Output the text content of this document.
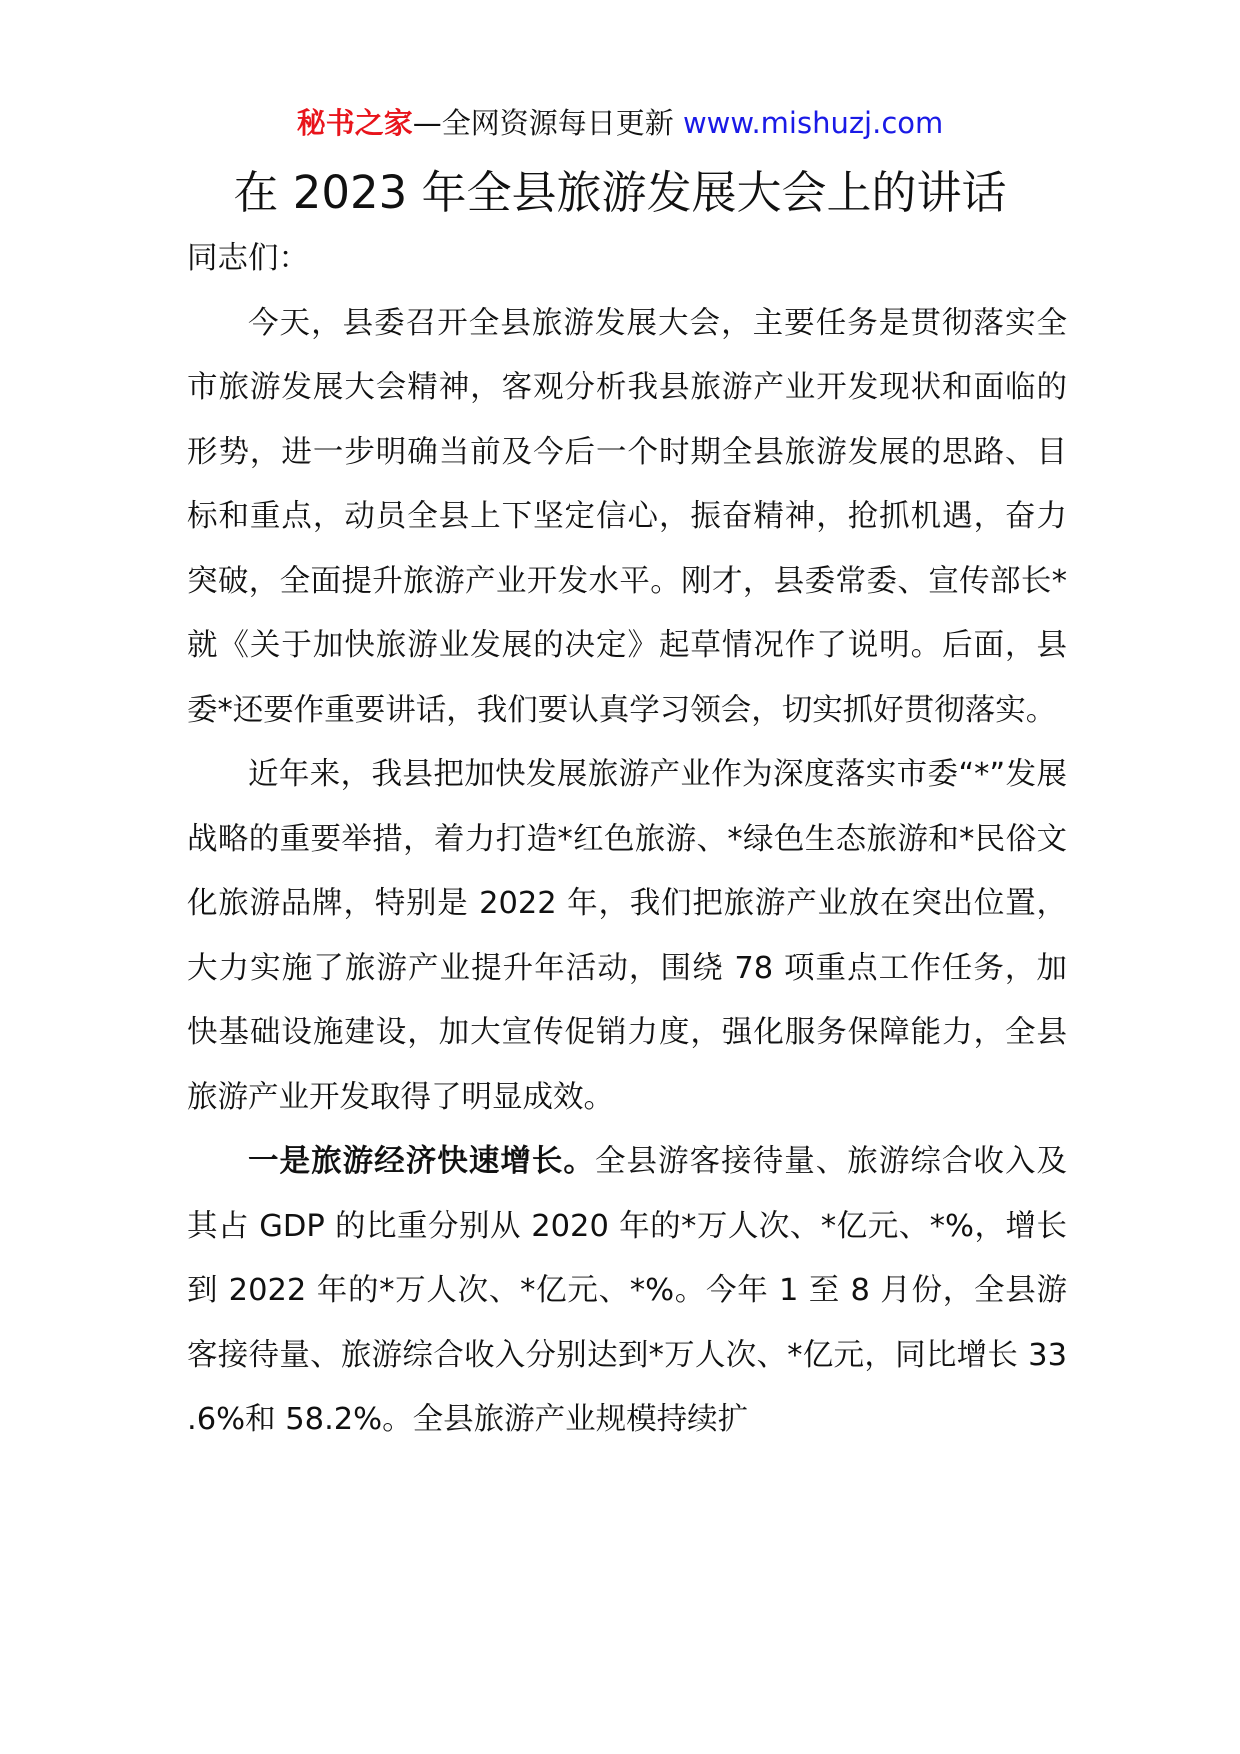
秘书之家—全网资源每日更新 www.mishuzj.com
在 2023 年全县旅游发展大会上的讲话

同志们：

今天，县委召开全县旅游发展大会，主要任务是贯彻落实全市旅游发展大会精神，客观分析我县旅游产业开发现状和面临的形势，进一步明确当前及今后一个时期全县旅游发展的思路、目标和重点，动员全县上下坚定信心，振奋精神，抢抓机遇，奋力突破，全面提升旅游产业开发水平。刚才，县委常委、宣传部长*就《关于加快旅游业发展的决定》起草情况作了说明。后面，县委*还要作重要讲话，我们要认真学习领会，切实抓好贯彻落实。

近年来，我县把加快发展旅游产业作为深度落实市委“*”发展战略的重要举措，着力打造*红色旅游、*绿色生态旅游和*民俗文化旅游品牌，特别是 2022 年，我们把旅游产业放在突出位置，大力实施了旅游产业提升年活动，围绕 78 项重点工作任务，加快基础设施建设，加大宣传促销力度，强化服务保障能力，全县旅游产业开发取得了明显成效。

一是旅游经济快速增长。全县游客接待量、旅游综合收入及其占 GDP 的比重分别从 2020 年的*万人次、*亿元、*%，增长到 2022 年的*万人次、*亿元、*%。今年 1 至 8 月份，全县游客接待量、旅游综合收入分别达到*万人次、*亿元，同比增长 33.6%和 58.2%。全县旅游产业规模持续扩
